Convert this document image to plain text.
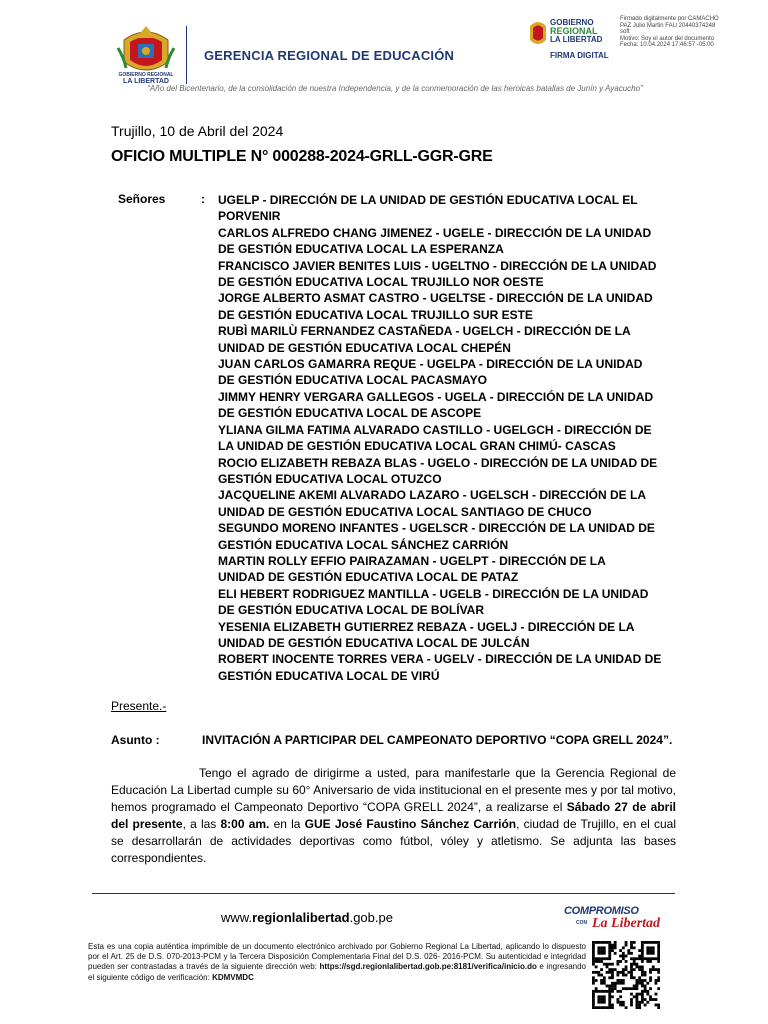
GOBIERNO REGIONAL
LA LIBERTAD
GERENCIA REGIONAL DE EDUCACIÓN
“Año del Bicentenario, de la consolidación de nuestra Independencia, y de la conmemoración de las heroicas batallas de Junín y Ayacucho”
GOBIERNO
REGIONAL
LA LIBERTAD
FIRMA DIGITAL
Firmado digitalmente por CAMACHO
PAZ Julio Martin FAU 20440374248
soft
Motivo: Soy el autor del documento
Fecha: 10.04.2024 17:46:57 -05:00
Trujillo, 10 de Abril del 2024
OFICIO MULTIPLE N° 000288-2024-GRLL-GGR-GRE
Señores	: UGELP - DIRECCIÓN DE LA UNIDAD DE GESTIÓN EDUCATIVA LOCAL EL
PORVENIR
CARLOS ALFREDO CHANG JIMENEZ - UGELE - DIRECCIÓN DE LA UNIDAD
DE GESTIÓN EDUCATIVA LOCAL LA ESPERANZA
FRANCISCO JAVIER BENITES LUIS - UGELTNO - DIRECCIÓN DE LA UNIDAD
DE GESTIÓN EDUCATIVA LOCAL TRUJILLO NOR OESTE
JORGE ALBERTO ASMAT CASTRO - UGELTSE - DIRECCIÓN DE LA UNIDAD
DE GESTIÓN EDUCATIVA LOCAL TRUJILLO SUR ESTE
RUBÌ MARILÙ FERNANDEZ CASTAÑEDA - UGELCH - DIRECCIÓN DE LA
UNIDAD DE GESTIÓN EDUCATIVA LOCAL CHEPÉN
JUAN CARLOS GAMARRA REQUE - UGELPA - DIRECCIÓN DE LA UNIDAD
DE GESTIÓN EDUCATIVA LOCAL PACASMAYO
JIMMY HENRY VERGARA GALLEGOS - UGELA - DIRECCIÓN DE LA UNIDAD
DE GESTIÓN EDUCATIVA LOCAL DE ASCOPE
YLIANA GILMA FATIMA ALVARADO CASTILLO - UGELGCH - DIRECCIÓN DE
LA UNIDAD DE GESTIÓN EDUCATIVA LOCAL GRAN CHIMÚ- CASCAS
ROCIO ELIZABETH REBAZA BLAS - UGELO - DIRECCIÓN DE LA UNIDAD DE
GESTIÓN EDUCATIVA LOCAL OTUZCO
JACQUELINE AKEMI ALVARADO LAZARO - UGELSCH - DIRECCIÓN DE LA
UNIDAD DE GESTIÓN EDUCATIVA LOCAL SANTIAGO DE CHUCO
SEGUNDO MORENO INFANTES - UGELSCR - DIRECCIÓN DE LA UNIDAD DE
GESTIÓN EDUCATIVA LOCAL SÁNCHEZ CARRIÓN
MARTIN ROLLY EFFIO PAIRAZAMAN - UGELPT - DIRECCIÓN DE LA
UNIDAD DE GESTIÓN EDUCATIVA LOCAL DE PATAZ
ELI HEBERT RODRIGUEZ MANTILLA - UGELB - DIRECCIÓN DE LA UNIDAD
DE GESTIÓN EDUCATIVA LOCAL DE BOLÍVAR
YESENIA ELIZABETH GUTIERREZ REBAZA - UGELJ - DIRECCIÓN DE LA
UNIDAD DE GESTIÓN EDUCATIVA LOCAL DE JULCÁN
ROBERT INOCENTE TORRES VERA - UGELV - DIRECCIÓN DE LA UNIDAD DE
GESTIÓN EDUCATIVA LOCAL DE VIRÚ
Presente.-
Asunto :	INVITACIÓN A PARTICIPAR DEL CAMPEONATO DEPORTIVO “COPA GRELL 2024”.
Tengo el agrado de dirigirme a usted, para manifestarle que la Gerencia Regional de Educación La Libertad cumple su 60° Aniversario de vida institucional en el presente mes y por tal motivo, hemos programado el Campeonato Deportivo “COPA GRELL 2024”, a realizarse el Sábado 27 de abril del presente, a las 8:00 am. en la GUE José Faustino Sánchez Carrión, ciudad de Trujillo, en el cual se desarrollarán de actividades deportivas como fútbol, vóley y atletismo. Se adjunta las bases correspondientes.
www.regionlalibertad.gob.pe	COMPROMISO
CON La Libertad
Esta es una copia auténtica imprimible de un documento electrónico archivado por Gobierno Regional La Libertad, aplicando lo dispuesto por el Art. 25 de D.S. 070-2013-PCM y la Tercera Disposición Complementaria Final del D.S. 026- 2016-PCM. Su autenticidad e integridad pueden ser contrastadas a través de la siguiente dirección web: https://sgd.regionlalibertad.gob.pe:8181/verifica/inicio.do e ingresando el siguiente código de verificación: KDMVMDC
